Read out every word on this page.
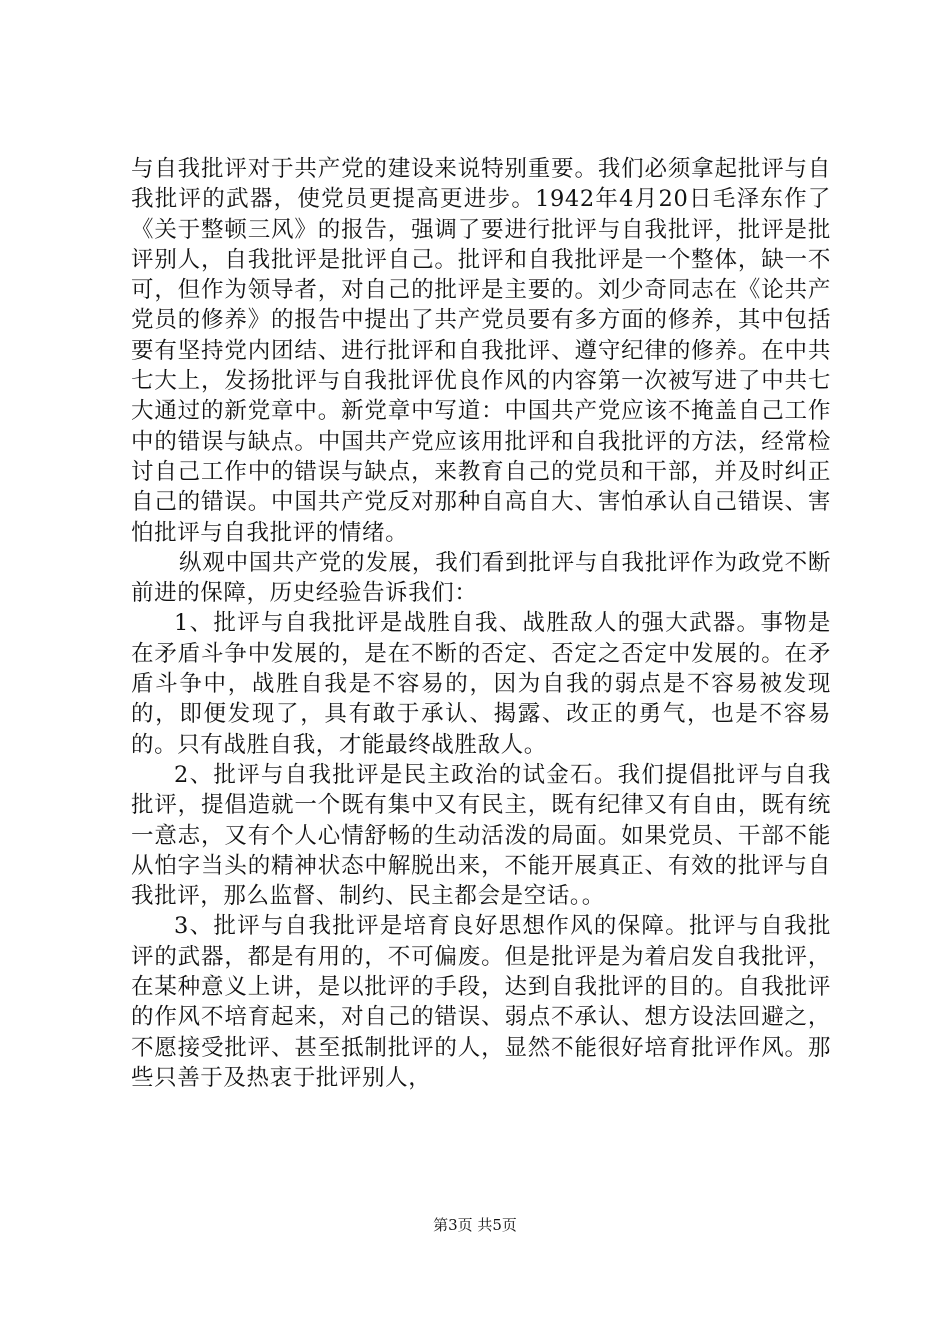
与自我批评对于共产党的建设来说特别重要。我们必须拿起批评与自我批评的武器，使党员更提高更进步。1942年4月20日毛泽东作了《关于整顿三风》的报告，强调了要进行批评与自我批评，批评是批评别人，自我批评是批评自己。批评和自我批评是一个整体，缺一不可，但作为领导者，对自己的批评是主要的。刘少奇同志在《论共产党员的修养》的报告中提出了共产党员要有多方面的修养，其中包括要有坚持党内团结、进行批评和自我批评、遵守纪律的修养。在中共七大上，发扬批评与自我批评优良作风的内容第一次被写进了中共七大通过的新党章中。新党章中写道：中国共产党应该不掩盖自己工作中的错误与缺点。中国共产党应该用批评和自我批评的方法，经常检讨自己工作中的错误与缺点，来教育自己的党员和干部，并及时纠正自己的错误。中国共产党反对那种自高自大、害怕承认自己错误、害怕批评与自我批评的情绪。

纵观中国共产党的发展，我们看到批评与自我批评作为政党不断前进的保障，历史经验告诉我们：

1、批评与自我批评是战胜自我、战胜敌人的强大武器。事物是在矛盾斗争中发展的，是在不断的否定、否定之否定中发展的。在矛盾斗争中，战胜自我是不容易的，因为自我的弱点是不容易被发现的，即便发现了，具有敢于承认、揭露、改正的勇气，也是不容易的。只有战胜自我，才能最终战胜敌人。

2、批评与自我批评是民主政治的试金石。我们提倡批评与自我批评，提倡造就一个既有集中又有民主，既有纪律又有自由，既有统一意志，又有个人心情舒畅的生动活泼的局面。如果党员、干部不能从怕字当头的精神状态中解脱出来，不能开展真正、有效的批评与自我批评，那么监督、制约、民主都会是空话。。

3、批评与自我批评是培育良好思想作风的保障。批评与自我批评的武器，都是有用的，不可偏废。但是批评是为着启发自我批评，在某种意义上讲，是以批评的手段，达到自我批评的目的。自我批评的作风不培育起来，对自己的错误、弱点不承认、想方设法回避之，不愿接受批评、甚至抵制批评的人，显然不能很好培育批评作风。那些只善于及热衷于批评别人，

第3页 共5页
